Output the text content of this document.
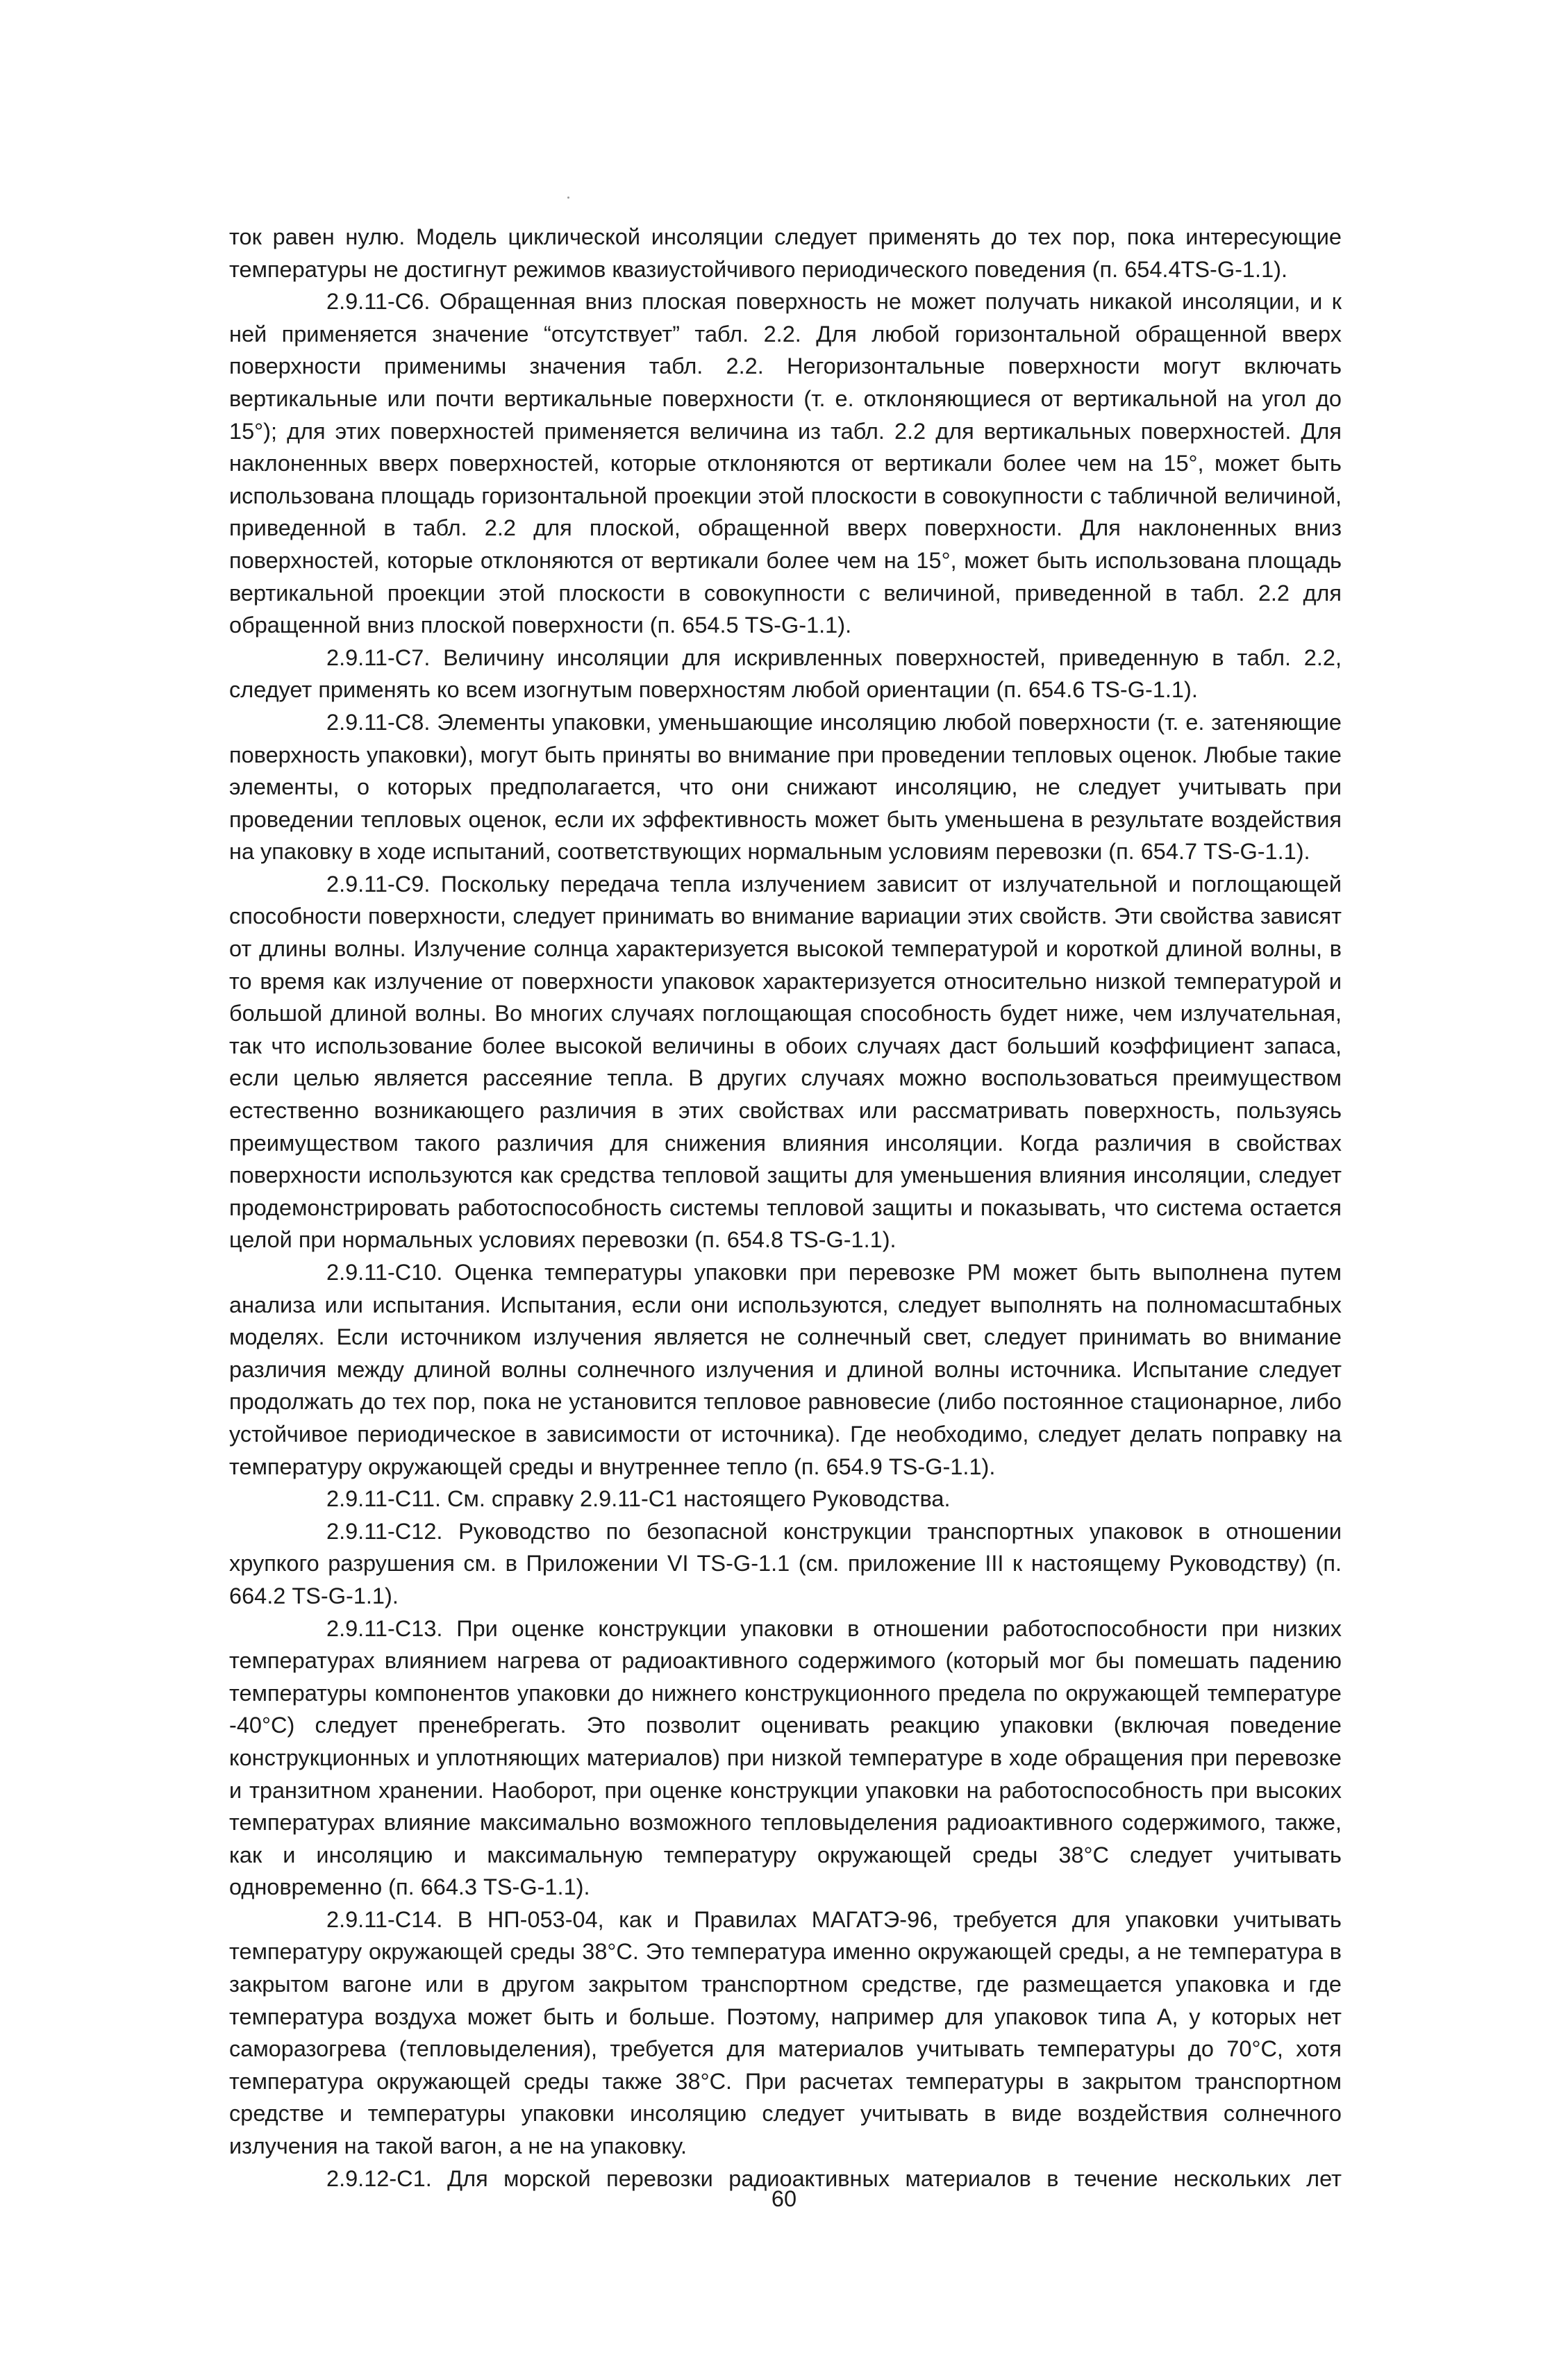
ток равен нулю. Модель циклической инсоляции следует применять до тех пор, пока интересующие температуры не достигнут режимов квазиустойчивого периодического поведения (п. 654.4TS-G-1.1).

2.9.11-С6. Обращенная вниз плоская поверхность не может получать никакой инсоляции, и к ней применяется значение “отсутствует” табл. 2.2. Для любой горизонтальной обращенной вверх поверхности применимы значения табл. 2.2. Негоризонтальные поверхности могут включать вертикальные или почти вертикальные поверхности (т. е. отклоняющиеся от вертикальной на угол до 15°); для этих поверхностей применяется величина из табл. 2.2 для вертикальных поверхностей. Для наклоненных вверх поверхностей, которые отклоняются от вертикали более чем на 15°, может быть использована площадь горизонтальной проекции этой плоскости в совокупности с табличной величиной, приведенной в табл. 2.2 для плоской, обращенной вверх поверхности. Для наклоненных вниз поверхностей, которые отклоняются от вертикали более чем на 15°, может быть использована площадь вертикальной проекции этой плоскости в совокупности с величиной, приведенной в табл. 2.2 для обращенной вниз плоской поверхности (п. 654.5 TS-G-1.1).

2.9.11-С7. Величину инсоляции для искривленных поверхностей, приведенную в табл. 2.2, следует применять ко всем изогнутым поверхностям любой ориентации (п. 654.6 TS-G-1.1).

2.9.11-С8. Элементы упаковки, уменьшающие инсоляцию любой поверхности (т. е. затеняющие поверхность упаковки), могут быть приняты во внимание при проведении тепловых оценок. Любые такие элементы, о которых предполагается, что они снижают инсоляцию, не следует учитывать при проведении тепловых оценок, если их эффективность может быть уменьшена в результате воздействия на упаковку в ходе испытаний, соответствующих нормальным условиям перевозки (п. 654.7 TS-G-1.1).

2.9.11-С9. Поскольку передача тепла излучением зависит от излучательной и поглощающей способности поверхности, следует принимать во внимание вариации этих свойств. Эти свойства зависят от длины волны. Излучение солнца характеризуется высокой температурой и короткой длиной волны, в то время как излучение от поверхности упаковок характеризуется относительно низкой температурой и большой длиной волны. Во многих случаях поглощающая способность будет ниже, чем излучательная, так что использование более высокой величины в обоих случаях даст больший коэффициент запаса, если целью является рассеяние тепла. В других случаях можно воспользоваться преимуществом естественно возникающего различия в этих свойствах или рассматривать поверхность, пользуясь преимуществом такого различия для снижения влияния инсоляции. Когда различия в свойствах поверхности используются как средства тепловой защиты для уменьшения влияния инсоляции, следует продемонстрировать работоспособность системы тепловой защиты и показывать, что система остается целой при нормальных условиях перевозки (п. 654.8 TS-G-1.1).

2.9.11-С10. Оценка температуры упаковки при перевозке РМ может быть выполнена путем анализа или испытания. Испытания, если они используются, следует выполнять на полномасштабных моделях. Если источником излучения является не солнечный свет, следует принимать во внимание различия между длиной волны солнечного излучения и длиной волны источника. Испытание следует продолжать до тех пор, пока не установится тепловое равновесие (либо постоянное стационарное, либо устойчивое периодическое в зависимости от источника). Где необходимо, следует делать поправку на температуру окружающей среды и внутреннее тепло (п. 654.9 TS-G-1.1).

2.9.11-С11. См. справку 2.9.11-С1 настоящего Руководства.

2.9.11-С12. Руководство по безопасной конструкции транспортных упаковок в отношении хрупкого разрушения см. в Приложении VI TS-G-1.1 (см. приложение III к настоящему Руководству) (п. 664.2 TS-G-1.1).

2.9.11-С13. При оценке конструкции упаковки в отношении работоспособности при низких температурах влиянием нагрева от радиоактивного содержимого (который мог бы помешать падению температуры компонентов упаковки до нижнего конструкционного предела по окружающей температуре -40°С) следует пренебрегать. Это позволит оценивать реакцию упаковки (включая поведение конструкционных и уплотняющих материалов) при низкой температуре в ходе обращения при перевозке и транзитном хранении. Наоборот, при оценке конструкции упаковки на работоспособность при высоких температурах влияние максимально возможного тепловыделения радиоактивного содержимого, также, как и инсоляцию и максимальную температуру окружающей среды 38°С следует учитывать одновременно (п. 664.3 TS-G-1.1).

2.9.11-С14. В НП-053-04, как и Правилах МАГАТЭ-96, требуется для упаковки учитывать температуру окружающей среды 38°С. Это температура именно окружающей среды, а не температура в закрытом вагоне или в другом закрытом транспортном средстве, где размещается упаковка и где температура воздуха может быть и больше. Поэтому, например для упаковок типа А, у которых нет саморазогрева (тепловыделения), требуется для материалов учитывать температуры до 70°С, хотя температура окружающей среды также 38°С. При расчетах температуры в закрытом транспортном средстве и температуры упаковки инсоляцию следует учитывать в виде воздействия солнечного излучения на такой вагон, а не на упаковку.

2.9.12-С1. Для морской перевозки радиоактивных материалов в течение нескольких лет

60
